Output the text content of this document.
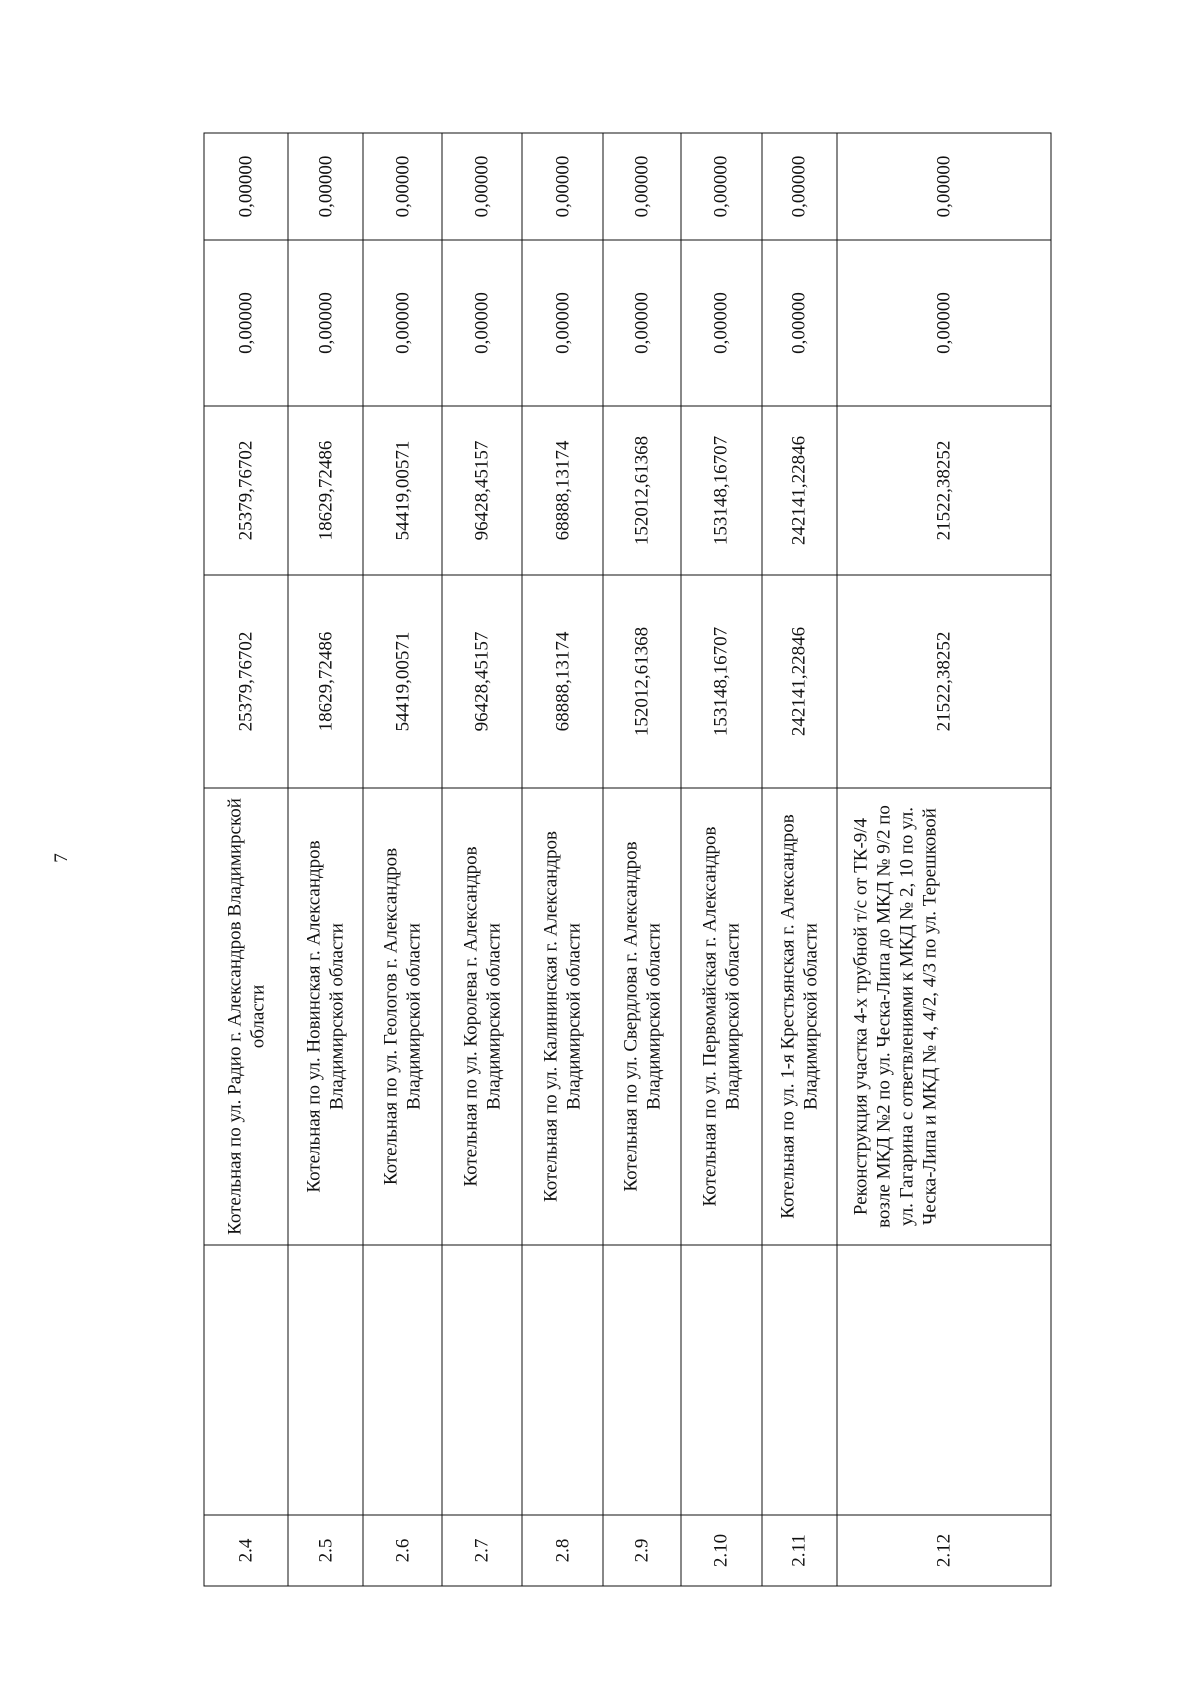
7
2.4		Котельная по ул. Радио г. Александров Владимирской области	25379,76702	25379,76702	0,00000	0,00000
2.5		Котельная по ул. Новинская г. Александров Владимирской области	18629,72486	18629,72486	0,00000	0,00000
2.6		Котельная по ул. Геологов г. Александров Владимирской области	54419,00571	54419,00571	0,00000	0,00000
2.7		Котельная по ул. Королева г. Александров Владимирской области	96428,45157	96428,45157	0,00000	0,00000
2.8		Котельная по ул. Калининская г. Александров Владимирской области	68888,13174	68888,13174	0,00000	0,00000
2.9		Котельная по ул. Свердлова г. Александров Владимирской области	152012,61368	152012,61368	0,00000	0,00000
2.10		Котельная по ул. Первомайская г. Александров Владимирской области	153148,16707	153148,16707	0,00000	0,00000
2.11		Котельная по ул. 1-я Крестьянская г. Александров Владимирской области	242141,22846	242141,22846	0,00000	0,00000
2.12		Реконструкция участка 4-х трубной т/с от ТК-9/4 возле МКД №2 по ул. Ческа-Липа до МКД № 9/2 по ул. Гагарина с ответвлениями к МКД № 2, 10 по ул. Ческа-Липа и МКД № 4, 4/2, 4/3 по ул. Терешковой	21522,38252	21522,38252	0,00000	0,00000
